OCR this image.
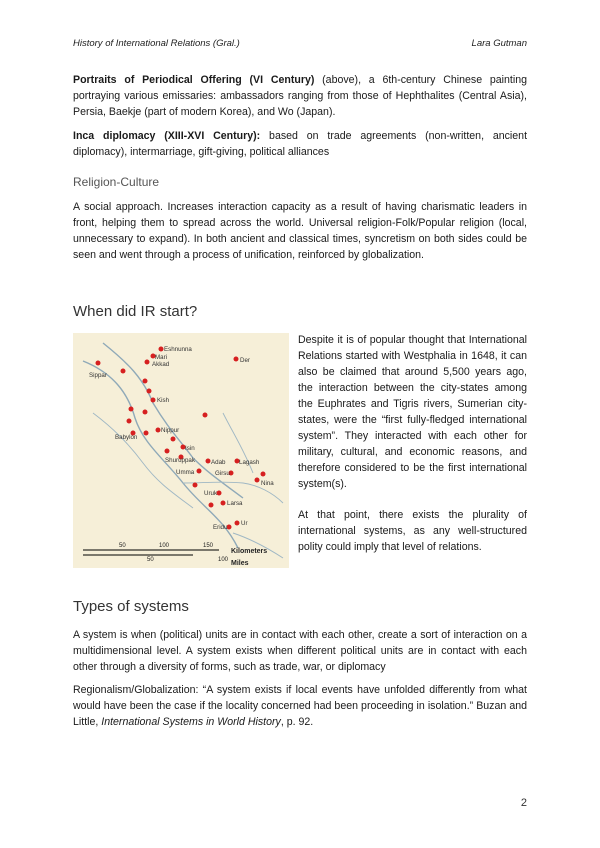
History of International Relations (Gral.)	Lara Gutman
Portraits of Periodical Offering (VI Century) (above), a 6th-century Chinese painting portraying various emissaries: ambassadors ranging from those of Hephthalites (Central Asia), Persia, Baekje (part of modern Korea), and Wo (Japan).
Inca diplomacy (XIII-XVI Century): based on trade agreements (non-written, ancient diplomacy), intermarriage, gift-giving, political alliances
Religion-Culture
A social approach. Increases interaction capacity as a result of having charismatic leaders in front, helping them to spread across the world. Universal religion-Folk/Popular religion (local, unnecessary to expand). In both ancient and classical times, syncretism on both sides could be seen and went through a process of unification, reinforced by globalization.
When did IR start?
Eshnunna
Akkad
Der
Sippar
Kish
Nippur
Adab Lagash
Umma	Girsu
Uruk
Larsa
Ur
Eridu
Shuruppak
Isin
Babylon
Mari
Nina
50	100	150
50	100
Kilometers
Miles
Despite it is of popular thought that International Relations started with Westphalia in 1648, it can also be claimed that around 5,500 years ago, the interaction between the city-states among the Euphrates and Tigris rivers, Sumerian city-states, were the “first fully-fledged international system”. They interacted with each other for military, cultural, and economic reasons, and therefore considered to be the first international system(s).
At that point, there exists the plurality of international systems, as any well-structured polity could imply that level of relations.
Types of systems
A system is when (political) units are in contact with each other, create a sort of interaction on a multidimensional level. A system exists when different political units are in contact with each other through a diversity of forms, such as trade, war, or diplomacy
Regionalism/Globalization: “A system exists if local events have unfolded differently from what would have been the case if the locality concerned had been proceeding in isolation.” Buzan and Little, International Systems in World History, p. 92.
2
